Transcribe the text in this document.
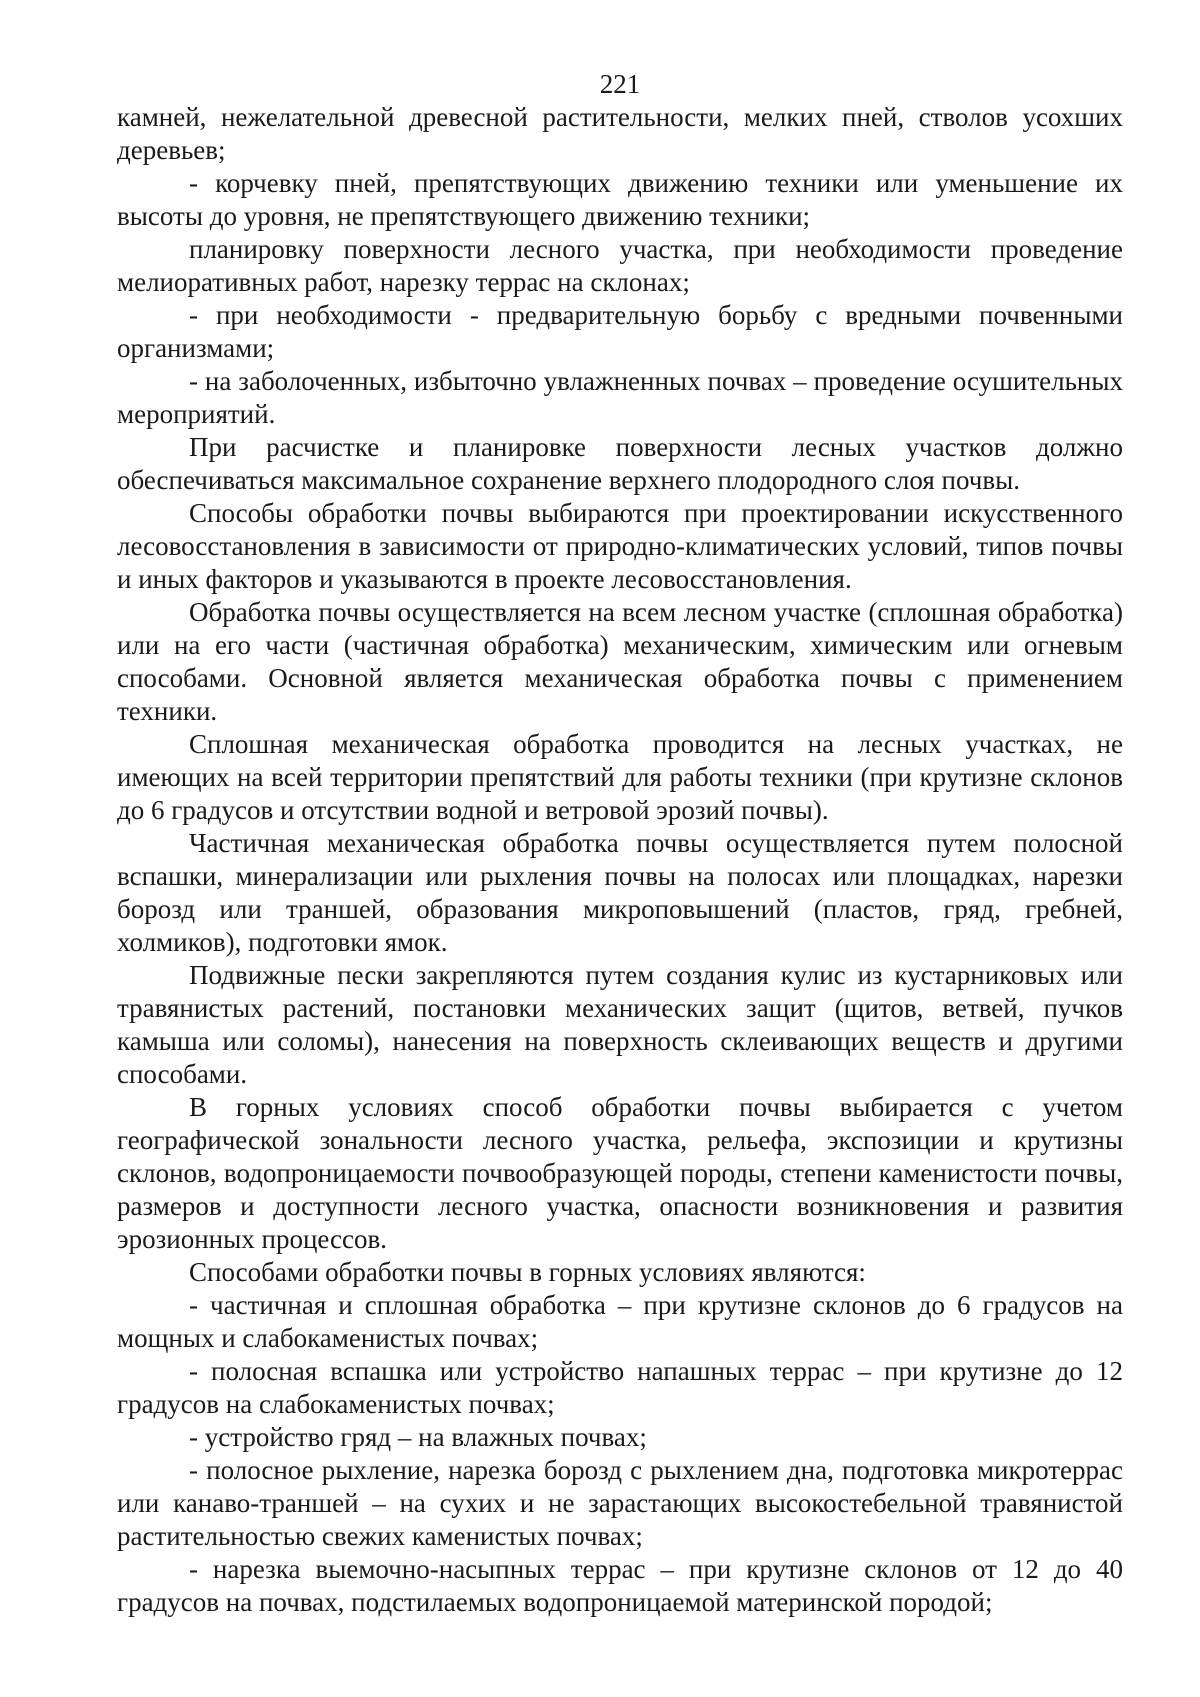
221

камней, нежелательной древесной растительности, мелких пней, стволов усохших деревьев;

- корчевку пней, препятствующих движению техники или уменьшение их высоты до уровня, не препятствующего движению техники;

планировку поверхности лесного участка, при необходимости проведение мелиоративных работ, нарезку террас на склонах;

- при необходимости - предварительную борьбу с вредными почвенными организмами;

- на заболоченных, избыточно увлажненных почвах – проведение осушительных мероприятий.

При расчистке и планировке поверхности лесных участков должно обеспечиваться максимальное сохранение верхнего плодородного слоя почвы.

Способы обработки почвы выбираются при проектировании искусственного лесовосстановления в зависимости от природно-климатических условий, типов почвы и иных факторов и указываются в проекте лесовосстановления.

Обработка почвы осуществляется на всем лесном участке (сплошная обработка) или на его части (частичная обработка) механическим, химическим или огневым способами. Основной является механическая обработка почвы с применением техники.

Сплошная механическая обработка проводится на лесных участках, не имеющих на всей территории препятствий для работы техники (при крутизне склонов до 6 градусов и отсутствии водной и ветровой эрозий почвы).

Частичная механическая обработка почвы осуществляется путем полосной вспашки, минерализации или рыхления почвы на полосах или площадках, нарезки борозд или траншей, образования микроповышений (пластов, гряд, гребней, холмиков), подготовки ямок.

Подвижные пески закрепляются путем создания кулис из кустарниковых или травянистых растений, постановки механических защит (щитов, ветвей, пучков камыша или соломы), нанесения на поверхность склеивающих веществ и другими способами.

В горных условиях способ обработки почвы выбирается с учетом географической зональности лесного участка, рельефа, экспозиции и крутизны склонов, водопроницаемости почвообразующей породы, степени каменистости почвы, размеров и доступности лесного участка, опасности возникновения и развития эрозионных процессов.

Способами обработки почвы в горных условиях являются:

- частичная и сплошная обработка – при крутизне склонов до 6 градусов на мощных и слабокаменистых почвах;

- полосная вспашка или устройство напашных террас – при крутизне до 12 градусов на слабокаменистых почвах;

- устройство гряд – на влажных почвах;

- полосное рыхление, нарезка борозд с рыхлением дна, подготовка микротеррас или канаво-траншей – на сухих и не зарастающих высокостебельной травянистой растительностью свежих каменистых почвах;

- нарезка выемочно-насыпных террас – при крутизне склонов от 12 до 40 градусов на почвах, подстилаемых водопроницаемой материнской породой;
